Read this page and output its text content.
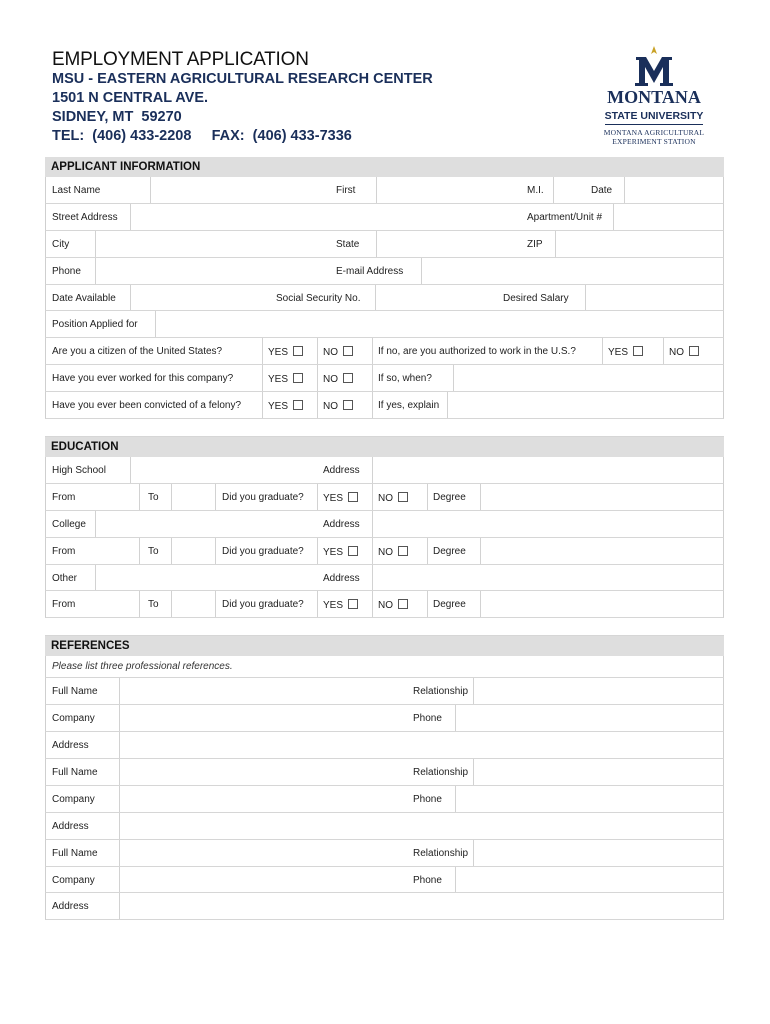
EMPLOYMENT APPLICATION
MSU - EASTERN AGRICULTURAL RESEARCH CENTER
1501 N CENTRAL AVE.
SIDNEY, MT  59270
TEL:  (406) 433-2208 FAX:  (406) 433-7336
MONTANA
STATE UNIVERSITY
MONTANA AGRICULTURAL
EXPERIMENT STATION
APPLICANT INFORMATION
Last Name	First	M.I.	Date
Street Address	Apartment/Unit #
City	State	ZIP
Phone	E-mail Address
Date Available	Social Security No.	Desired Salary
Position Applied for
Are you a citizen of the United States?	YES	NO	If no, are you authorized to work in the U.S.?	YES	NO
Have you ever worked for this company?	YES	NO	If so, when?
Have you ever been convicted of a felony?	YES	NO	If yes, explain
EDUCATION
High School	Address
From	To	Did you graduate? YES	NO	Degree
College	Address
From	To	Did you graduate? YES	NO	Degree
Other	Address
From	To	Did you graduate? YES	NO	Degree
REFERENCES
Please list three professional references.
Full Name	Relationship
Company	Phone
Address
Full Name	Relationship
Company	Phone
Address
Full Name	Relationship
Company	Phone
Address
